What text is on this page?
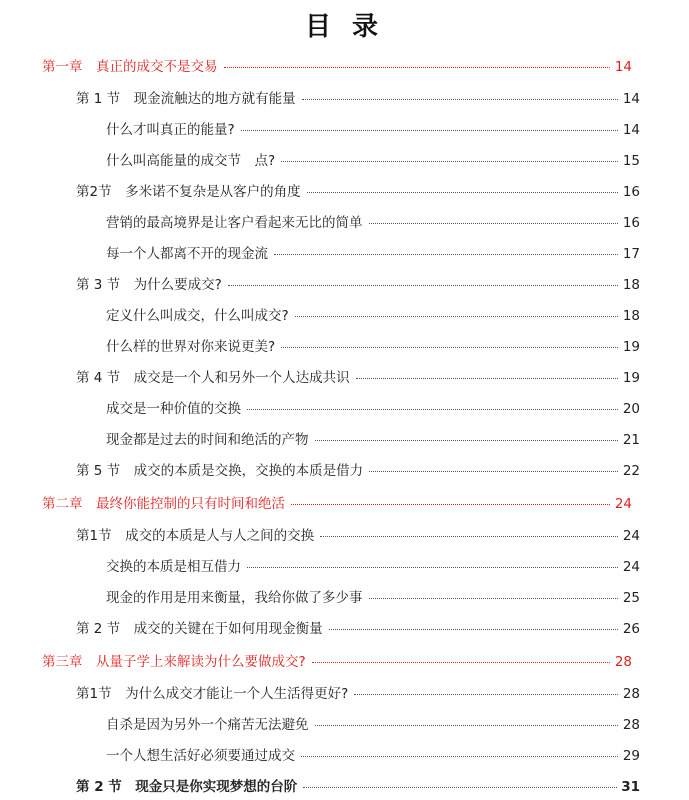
目 录
第一章　真正的成交不是交易	14
第 1 节　现金流触达的地方就有能量	14
什么才叫真正的能量?	14
什么叫高能量的成交节　点?	15
第2节　多米诺不复杂是从客户的角度	16
营销的最高境界是让客户看起来无比的简单	16
每一个人都离不开的现金流	17
第 3 节　为什么要成交?	18
定义什么叫成交，什么叫成交?	18
什么样的世界对你来说更美?	19
第 4 节　成交是一个人和另外一个人达成共识	19
成交是一种价值的交换	20
现金都是过去的时间和绝活的产物	21
第 5 节　成交的本质是交换，交换的本质是借力	22
第二章　最终你能控制的只有时间和绝活	24
第1节　成交的本质是人与人之间的交换	24
交换的本质是相互借力	24
现金的作用是用来衡量，我给你做了多少事	25
第 2 节　成交的关键在于如何用现金衡量	26
第三章　从量子学上来解读为什么要做成交?	28
第1节　为什么成交才能让一个人生活得更好?	28
自杀是因为另外一个痛苦无法避免	28
一个人想生活好必须要通过成交	29
第 2 节　现金只是你实现梦想的台阶	31
